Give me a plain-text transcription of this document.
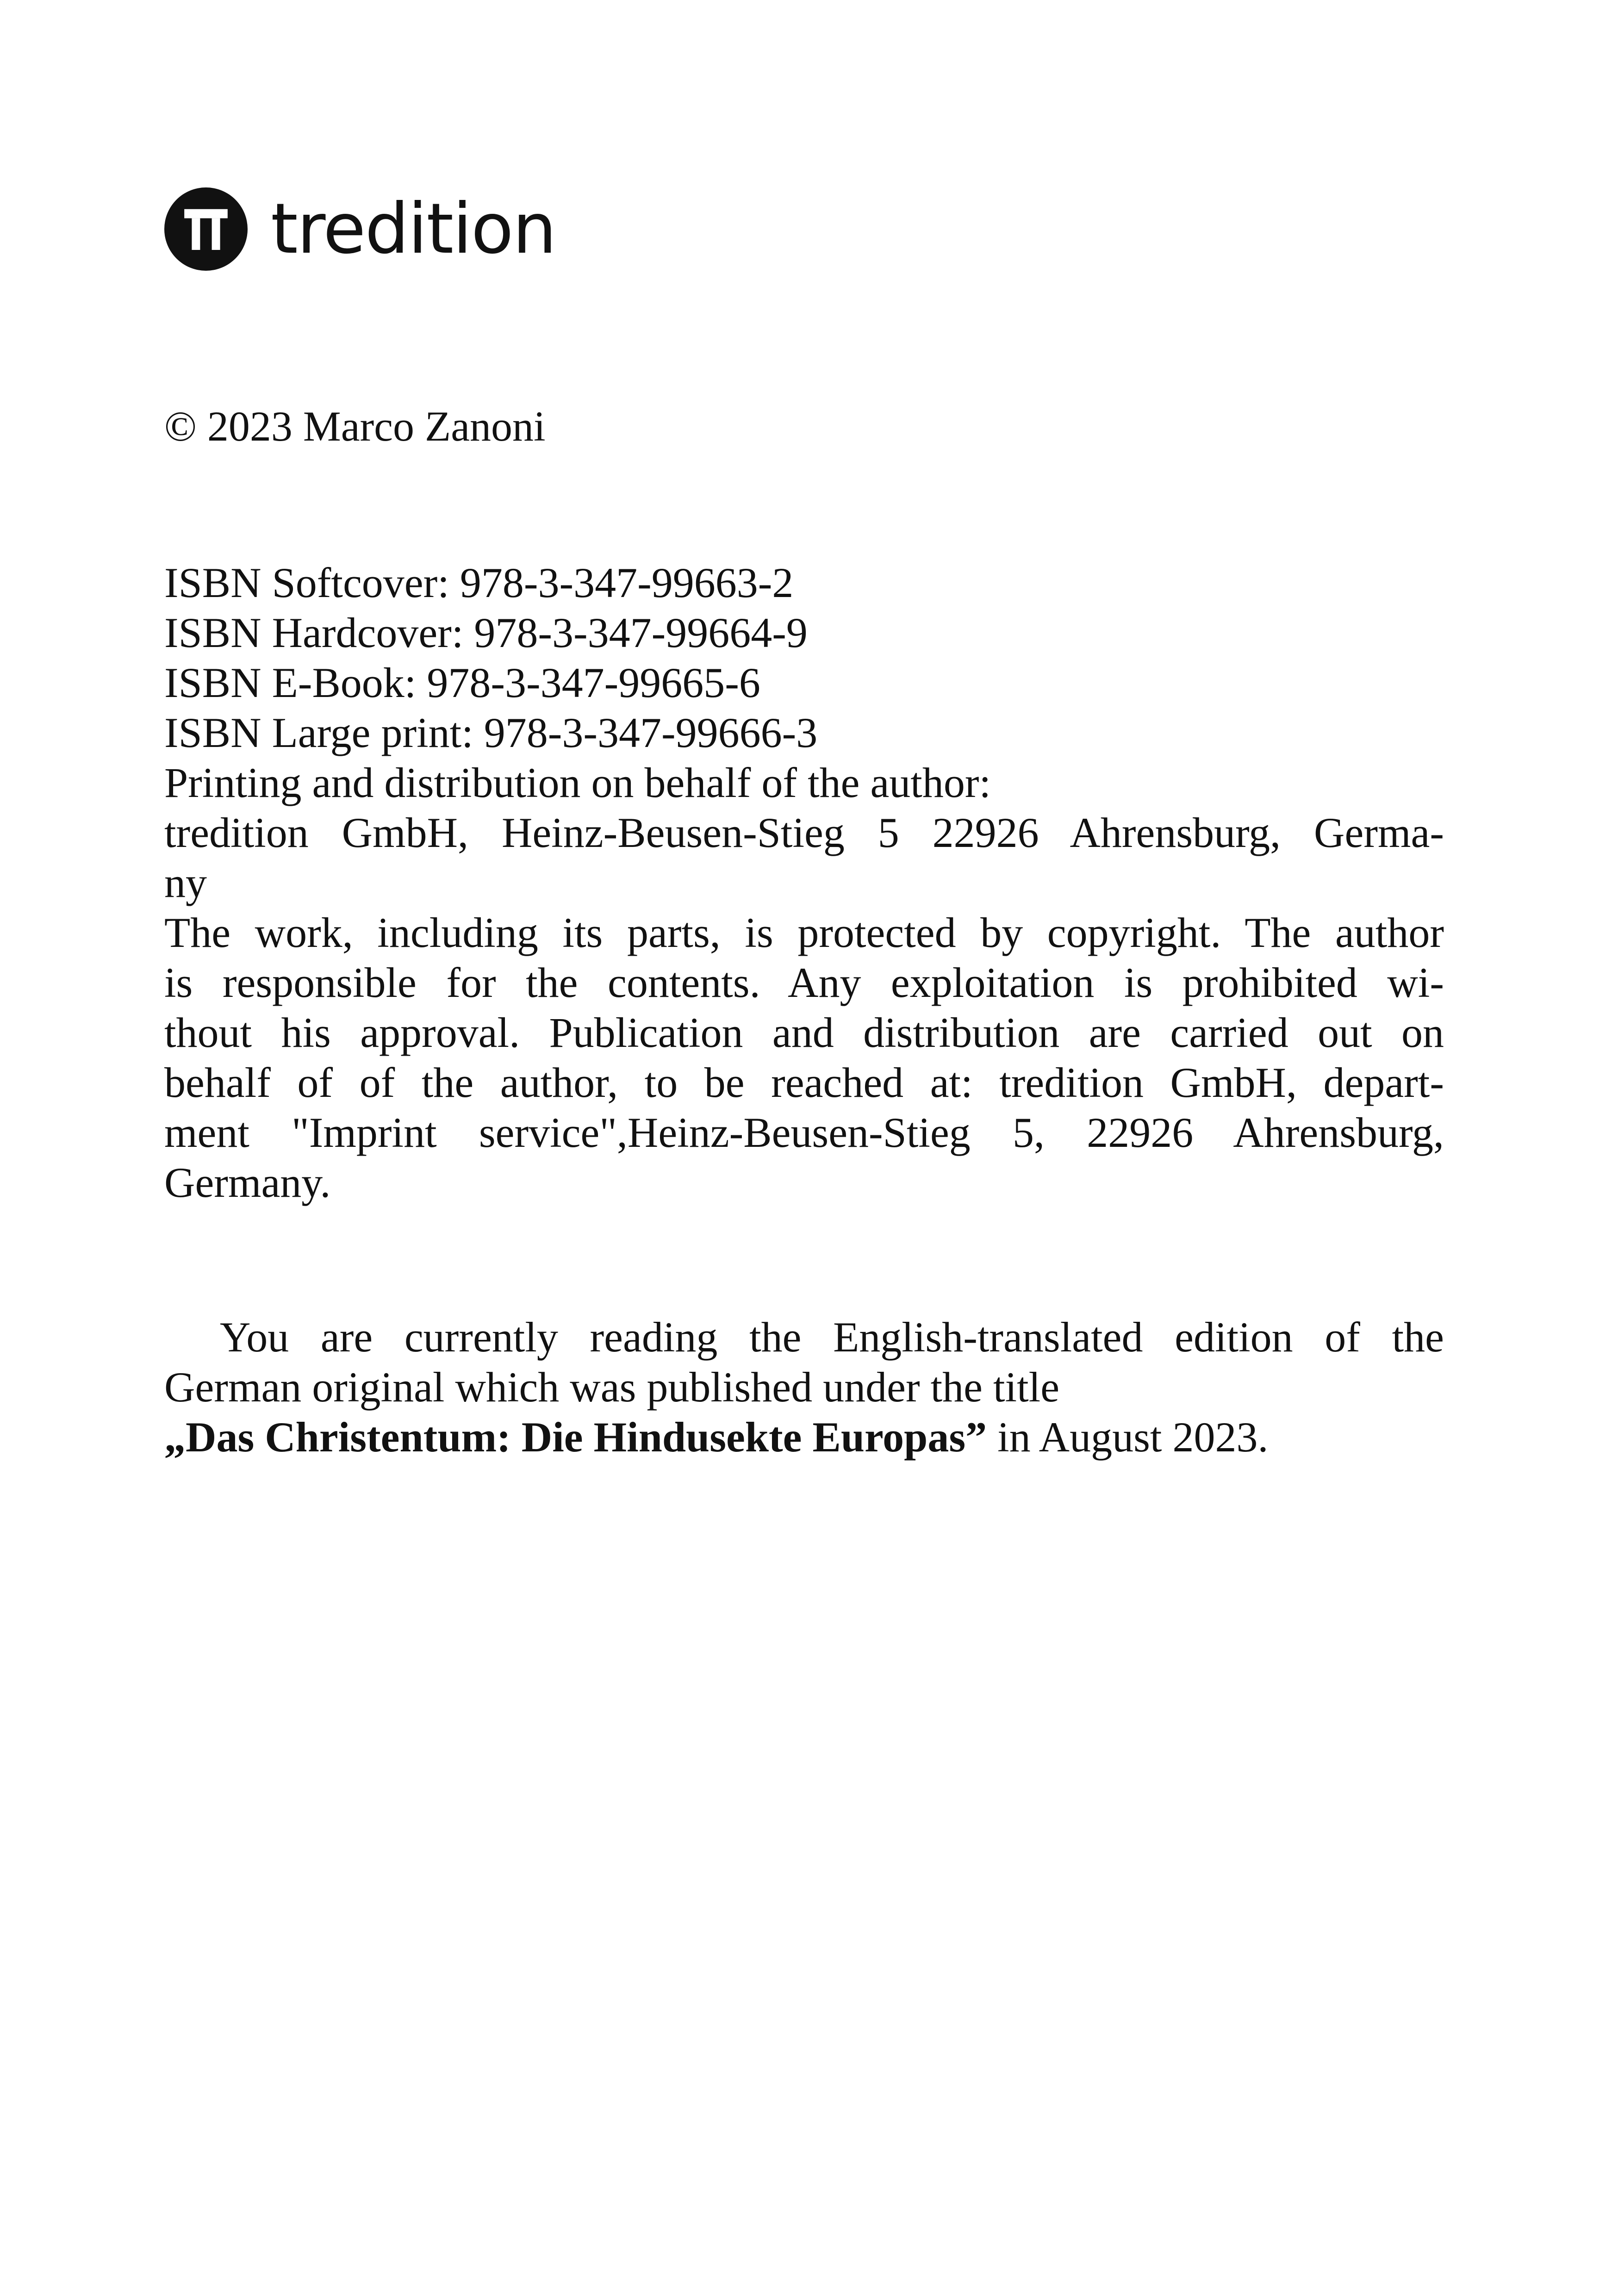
tredition
© 2023 Marco Zanoni
ISBN Softcover: 978-3-347-99663-2
ISBN Hardcover: 978-3-347-99664-9
ISBN E-Book: 978-3-347-99665-6
ISBN Large print: 978-3-347-99666-3
Printing and distribution on behalf of the author:
tredition GmbH, Heinz-Beusen-Stieg 5 22926 Ahrensburg, Germa-
ny
The work, including its parts, is protected by copyright. The author
is responsible for the contents. Any exploitation is prohibited wi-
thout his approval. Publication and distribution are carried out on
behalf of of the author, to be reached at: tredition GmbH, depart-
ment "Imprint service",Heinz-Beusen-Stieg 5, 22926 Ahrensburg,
Germany.
You are currently reading the English-translated edition of the
German original which was published under the title
„Das Christentum: Die Hindusekte Europas” in August 2023.
